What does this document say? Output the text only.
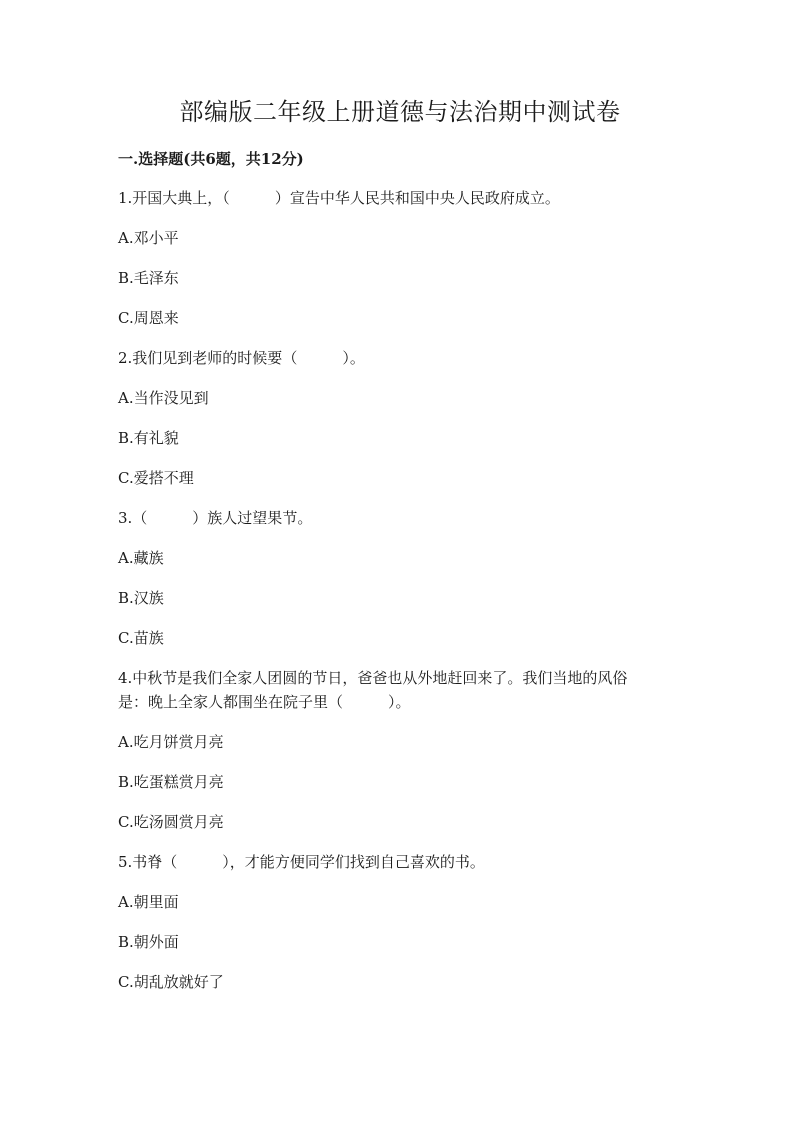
部编版二年级上册道德与法治期中测试卷
一.选择题(共6题，共12分)

1.开国大典上，（　　　）宣告中华人民共和国中央人民政府成立。

A.邓小平

B.毛泽东

C.周恩来

2.我们见到老师的时候要（　　　）。

A.当作没见到

B.有礼貌

C.爱搭不理

3.（　　　）族人过望果节。

A.藏族

B.汉族

C.苗族

4.中秋节是我们全家人团圆的节日，爸爸也从外地赶回来了。我们当地的风俗
是：晚上全家人都围坐在院子里（　　　）。

A.吃月饼赏月亮

B.吃蛋糕赏月亮

C.吃汤圆赏月亮

5.书脊（　　　），才能方便同学们找到自己喜欢的书。

A.朝里面

B.朝外面

C.胡乱放就好了
